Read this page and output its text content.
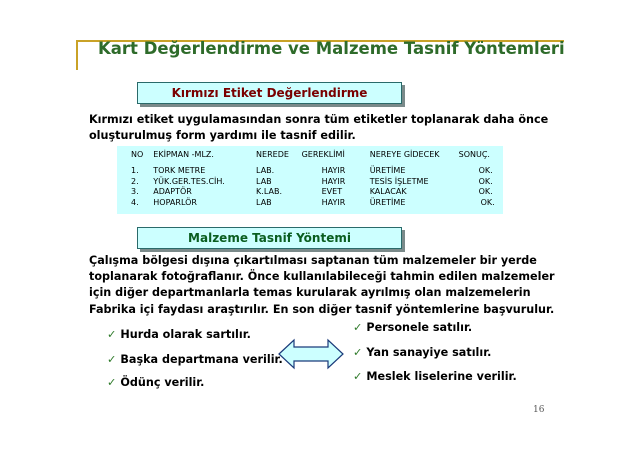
Kart Değerlendirme ve Malzeme Tasnif Yöntemleri
Kırmızı Etiket Değerlendirme
Kırmızı etiket uygulamasından sonra tüm etiketler toplanarak daha önce
oluşturulmuş form yardımı ile tasnif edilir.
NO	EKİPMAN -MLZ.	NEREDE	GEREKLİMİ	NEREYE GİDECEK	SONUÇ.
1.	TORK METRE	LAB.	HAYIR	ÜRETİME	OK.
2.	YÜK.GER.TES.CİH.	LAB	HAYIR	TESİS İŞLETME	OK.
3.	ADAPTÖR	K.LAB.	EVET	KALACAK	OK.
4.	HOPARLÖR	LAB	HAYIR	ÜRETİME	OK.

Malzeme Tasnif Yöntemi
Çalışma bölgesi dışına çıkartılması saptanan tüm malzemeler bir yerde
toplanarak fotoğraflanır. Önce kullanılabileceği tahmin edilen malzemeler
için diğer departmanlarla temas kurularak ayrılmış olan malzemelerin
Fabrika içi faydası araştırılır. En son diğer tasnif yöntemlerine başvurulur.
✓ Hurda olarak sartılır.
✓ Başka departmana verilir.
✓ Ödünç verilir.
✓ Personele satılır.
✓ Yan sanayiye satılır.
✓ Meslek liselerine verilir.
16
